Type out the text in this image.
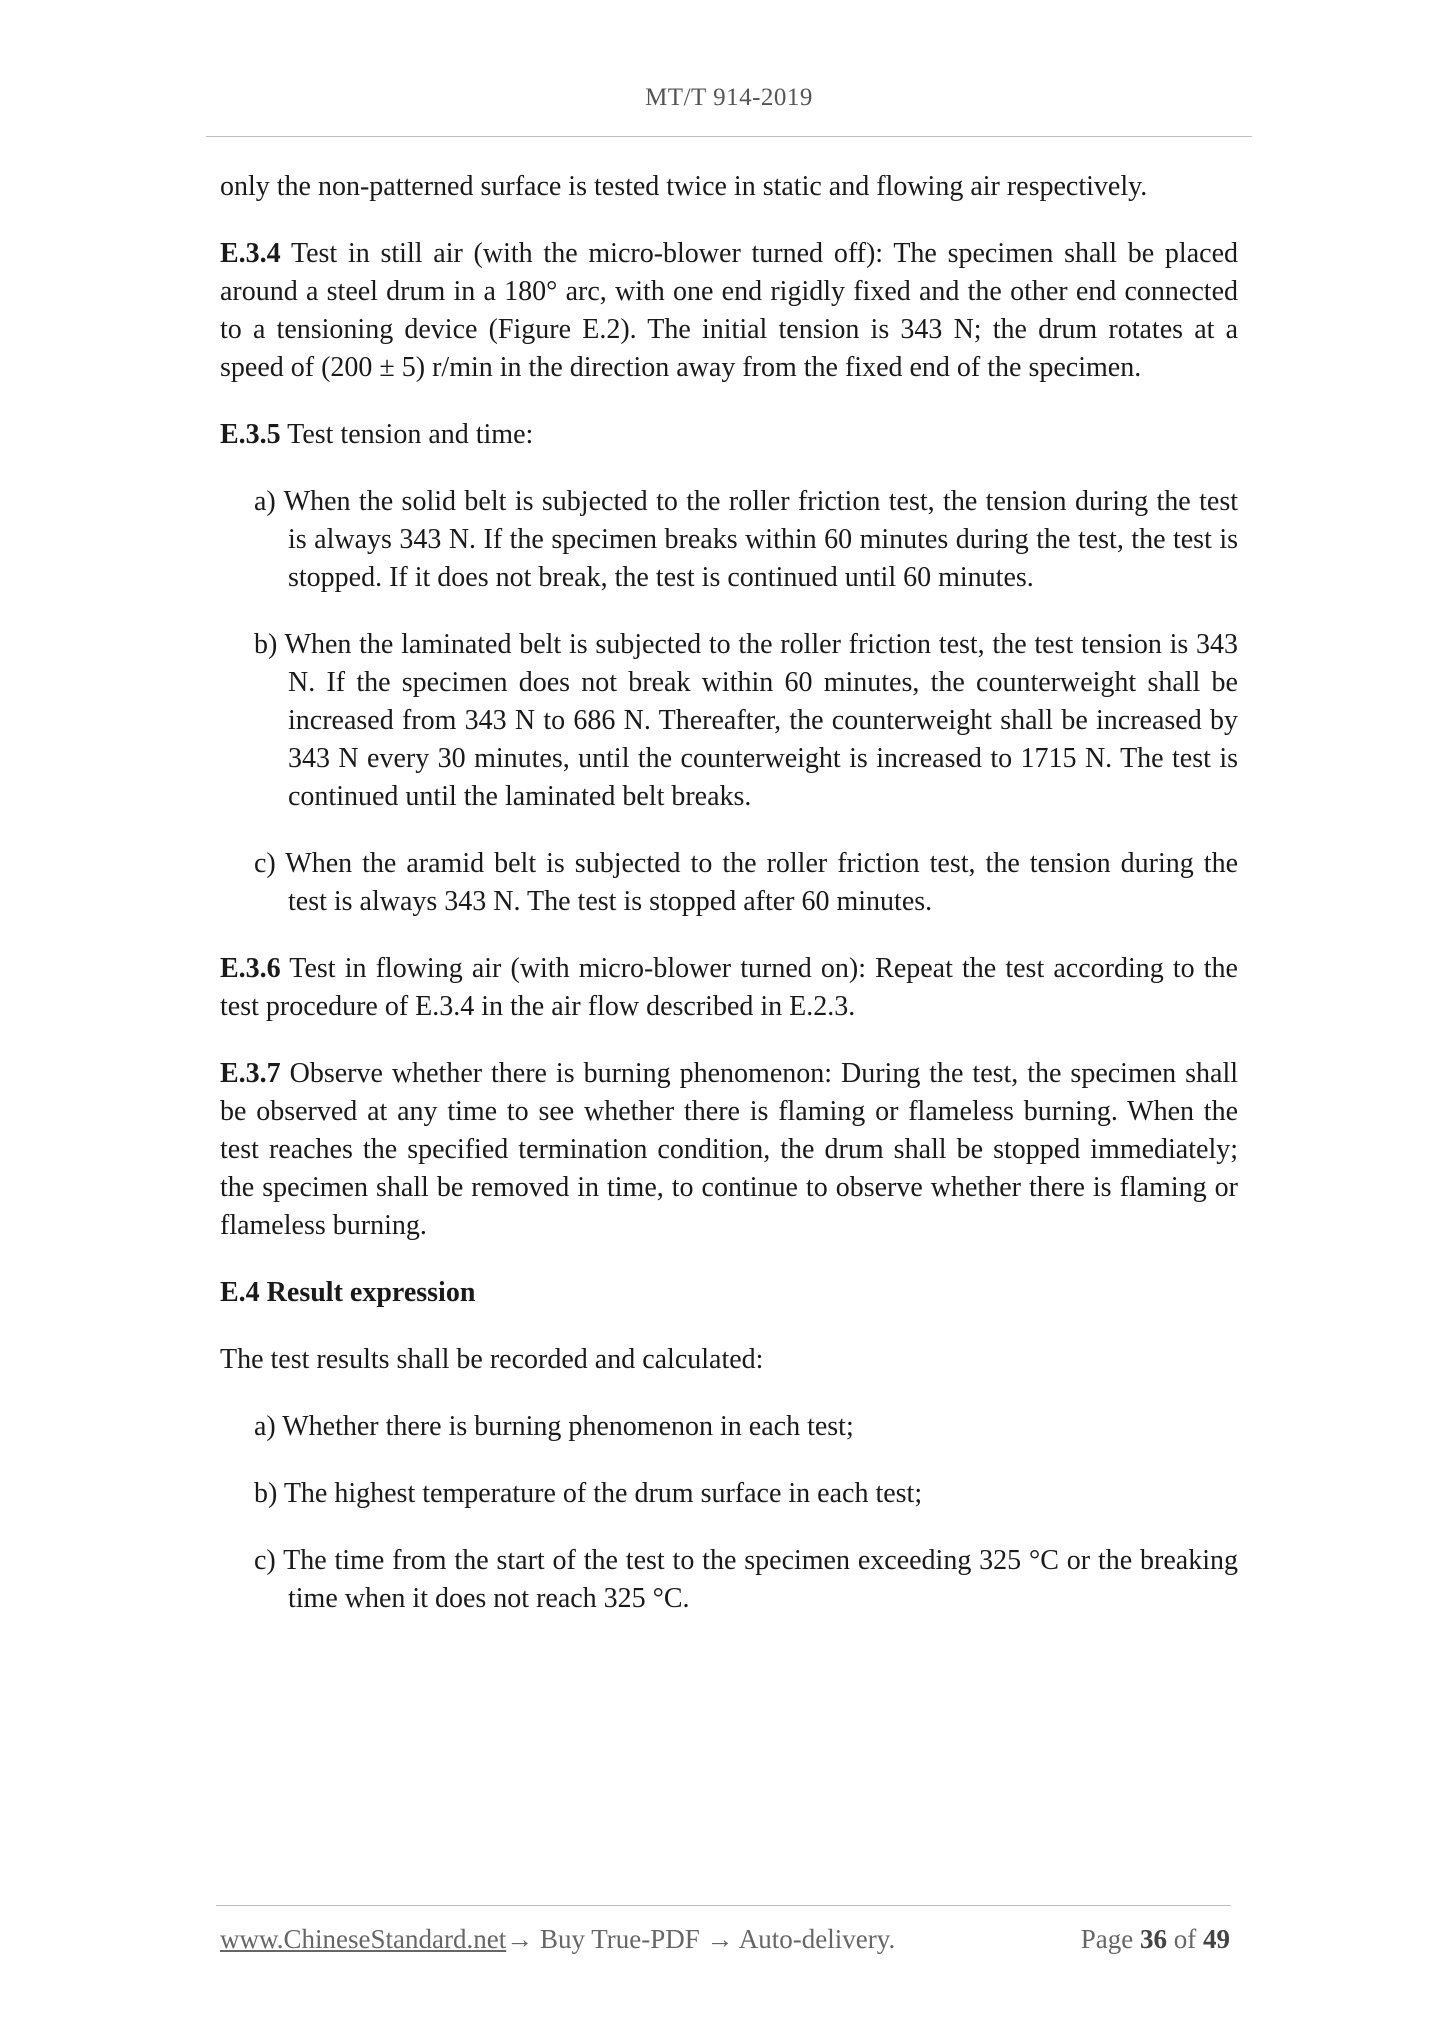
MT/T 914-2019

only the non-patterned surface is tested twice in static and flowing air respectively.

E.3.4 Test in still air (with the micro-blower turned off): The specimen shall be placed around a steel drum in a 180° arc, with one end rigidly fixed and the other end connected to a tensioning device (Figure E.2). The initial tension is 343 N; the drum rotates at a speed of (200 ± 5) r/min in the direction away from the fixed end of the specimen.

E.3.5 Test tension and time:

a) When the solid belt is subjected to the roller friction test, the tension during the test is always 343 N. If the specimen breaks within 60 minutes during the test, the test is stopped. If it does not break, the test is continued until 60 minutes.

b) When the laminated belt is subjected to the roller friction test, the test tension is 343 N. If the specimen does not break within 60 minutes, the counterweight shall be increased from 343 N to 686 N. Thereafter, the counterweight shall be increased by 343 N every 30 minutes, until the counterweight is increased to 1715 N. The test is continued until the laminated belt breaks.

c) When the aramid belt is subjected to the roller friction test, the tension during the test is always 343 N. The test is stopped after 60 minutes.

E.3.6 Test in flowing air (with micro-blower turned on): Repeat the test according to the test procedure of E.3.4 in the air flow described in E.2.3.

E.3.7 Observe whether there is burning phenomenon: During the test, the specimen shall be observed at any time to see whether there is flaming or flameless burning. When the test reaches the specified termination condition, the drum shall be stopped immediately; the specimen shall be removed in time, to continue to observe whether there is flaming or flameless burning.

E.4 Result expression

The test results shall be recorded and calculated:

a) Whether there is burning phenomenon in each test;

b) The highest temperature of the drum surface in each test;

c) The time from the start of the test to the specimen exceeding 325 °C or the breaking time when it does not reach 325 °C.

www.ChineseStandard.net→ Buy True-PDF → Auto-delivery.	Page 36 of 49
